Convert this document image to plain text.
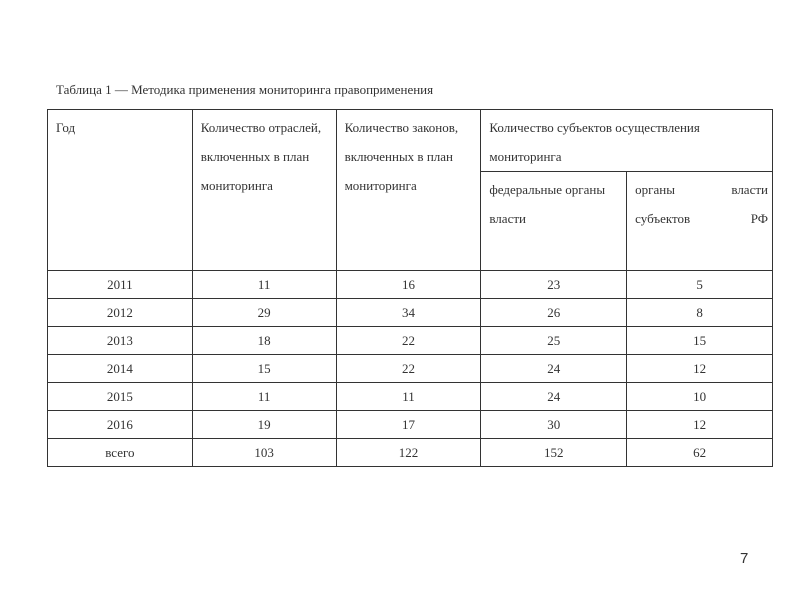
Таблица 1 — Методика применения мониторинга правоприменения
Год	Количество отраслей, включенных в план мониторинга	Количество законов, включенных в план мониторинга	Количество субъектов осуществления мониторинга	
			федеральные органы власти	органы власти субъектов РФ
2011	11	16	23	5
2012	29	34	26	8
2013	18	22	25	15
2014	15	22	24	12
2015	11	11	24	10
2016	19	17	30	12
всего	103	122	152	62
7
